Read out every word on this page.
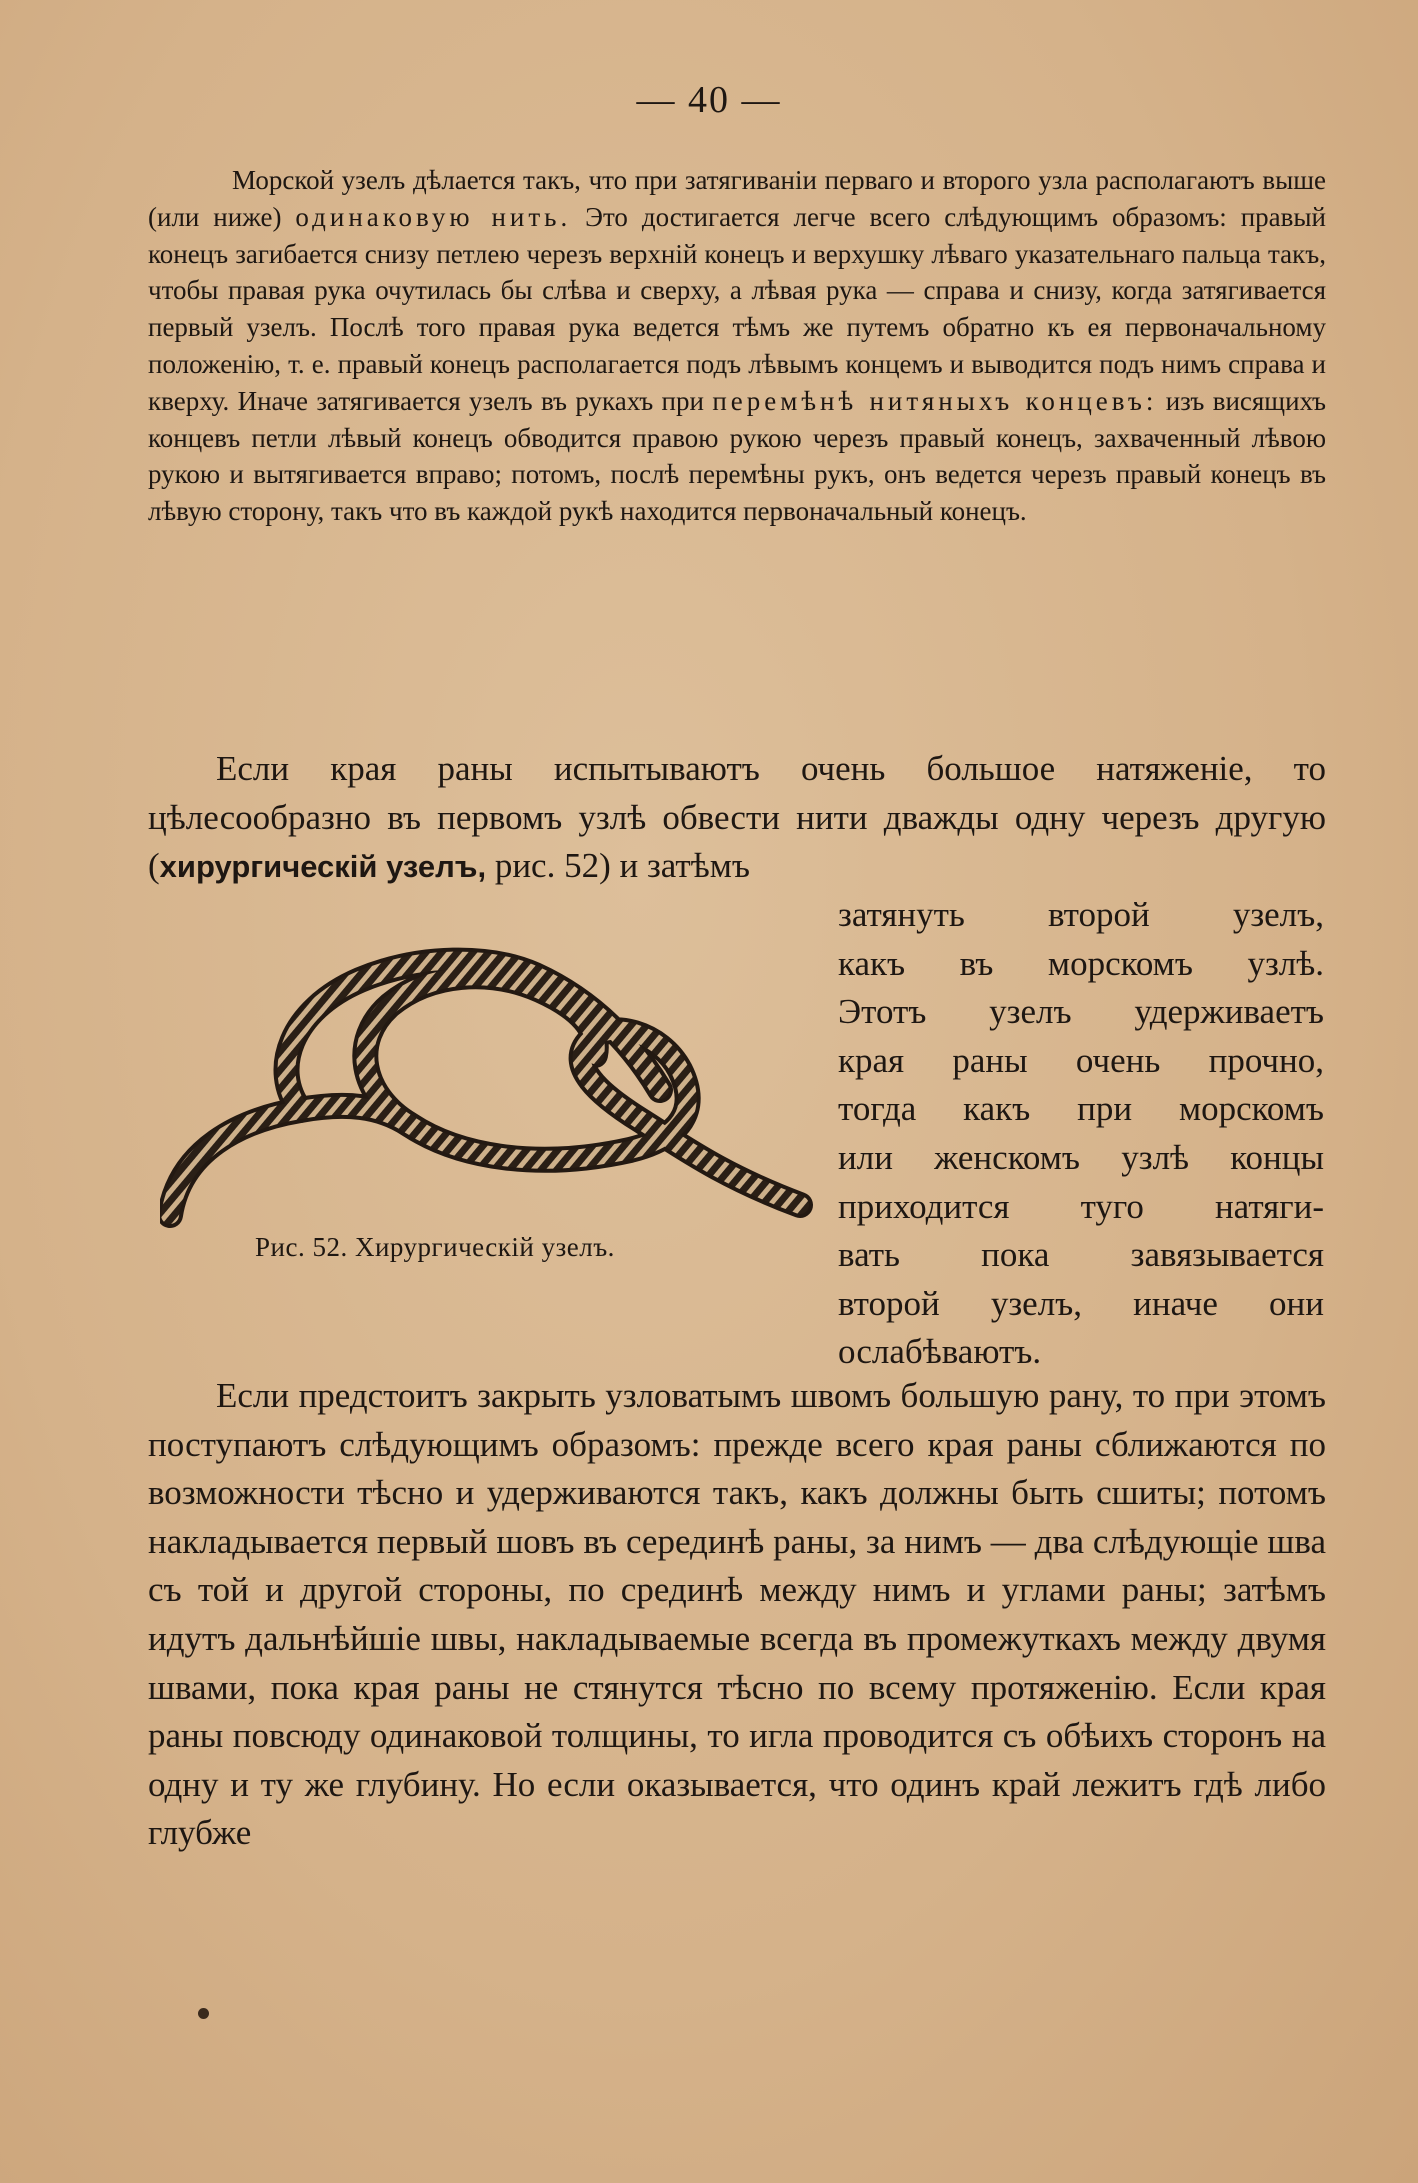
— 40 —
Морской узелъ дѣлается такъ, что при затягиваніи перваго и второго узла располагаютъ выше (или ниже) одинаковую нить. Это достигается легче всего слѣдующимъ образомъ: правый конецъ загибается снизу петлею черезъ верхній конецъ и верхушку лѣваго указательнаго пальца такъ, чтобы правая рука очутилась бы слѣва и сверху, а лѣвая рука — справа и снизу, когда затягивается первый узелъ. Послѣ того правая рука ведется тѣмъ же путемъ обратно къ ея первоначальному положенію, т. е. правый конецъ располагается подъ лѣвымъ концемъ и выводится подъ нимъ справа и кверху. Иначе затягивается узелъ въ рукахъ при перемѣнѣ нитяныхъ концевъ: изъ висящихъ концевъ петли лѣвый конецъ обводится правою рукою черезъ правый конецъ, захваченный лѣвою рукою и вытягивается вправо; потомъ, послѣ перемѣны рукъ, онъ ведется черезъ правый конецъ въ лѣвую сторону, такъ что въ каждой рукѣ находится первоначальный конецъ.
Если края раны испытываютъ очень большое натяженіе, то цѣлесообразно въ первомъ узлѣ обвести нити дважды одну черезъ другую (хирургическій узелъ, рис. 52) и затѣмъ
затянуть второй узелъ,
какъ въ морскомъ узлѣ.
Этотъ узелъ удерживаетъ
края раны очень прочно,
тогда какъ при морскомъ
или женскомъ узлѣ концы
приходится туго натяги-
вать пока завязывается
второй узелъ, иначе они
ослабѣваютъ.
Рис. 52. Хирургическій узелъ.
Если предстоитъ закрыть узловатымъ швомъ большую рану, то при этомъ поступаютъ слѣдующимъ образомъ: прежде всего края раны сближаются по возможности тѣсно и удерживаются такъ, какъ должны быть сшиты; потомъ накладывается первый шовъ въ серединѣ раны, за нимъ — два слѣдующіе шва съ той и другой стороны, по срединѣ между нимъ и углами раны; затѣмъ идутъ дальнѣйшіе швы, накладываемые всегда въ промежуткахъ между двумя швами, пока края раны не стянутся тѣсно по всему протяженію. Если края раны повсюду одинаковой толщины, то игла проводится съ обѣихъ сторонъ на одну и ту же глубину. Но если оказывается, что одинъ край лежитъ гдѣ либо глубже
